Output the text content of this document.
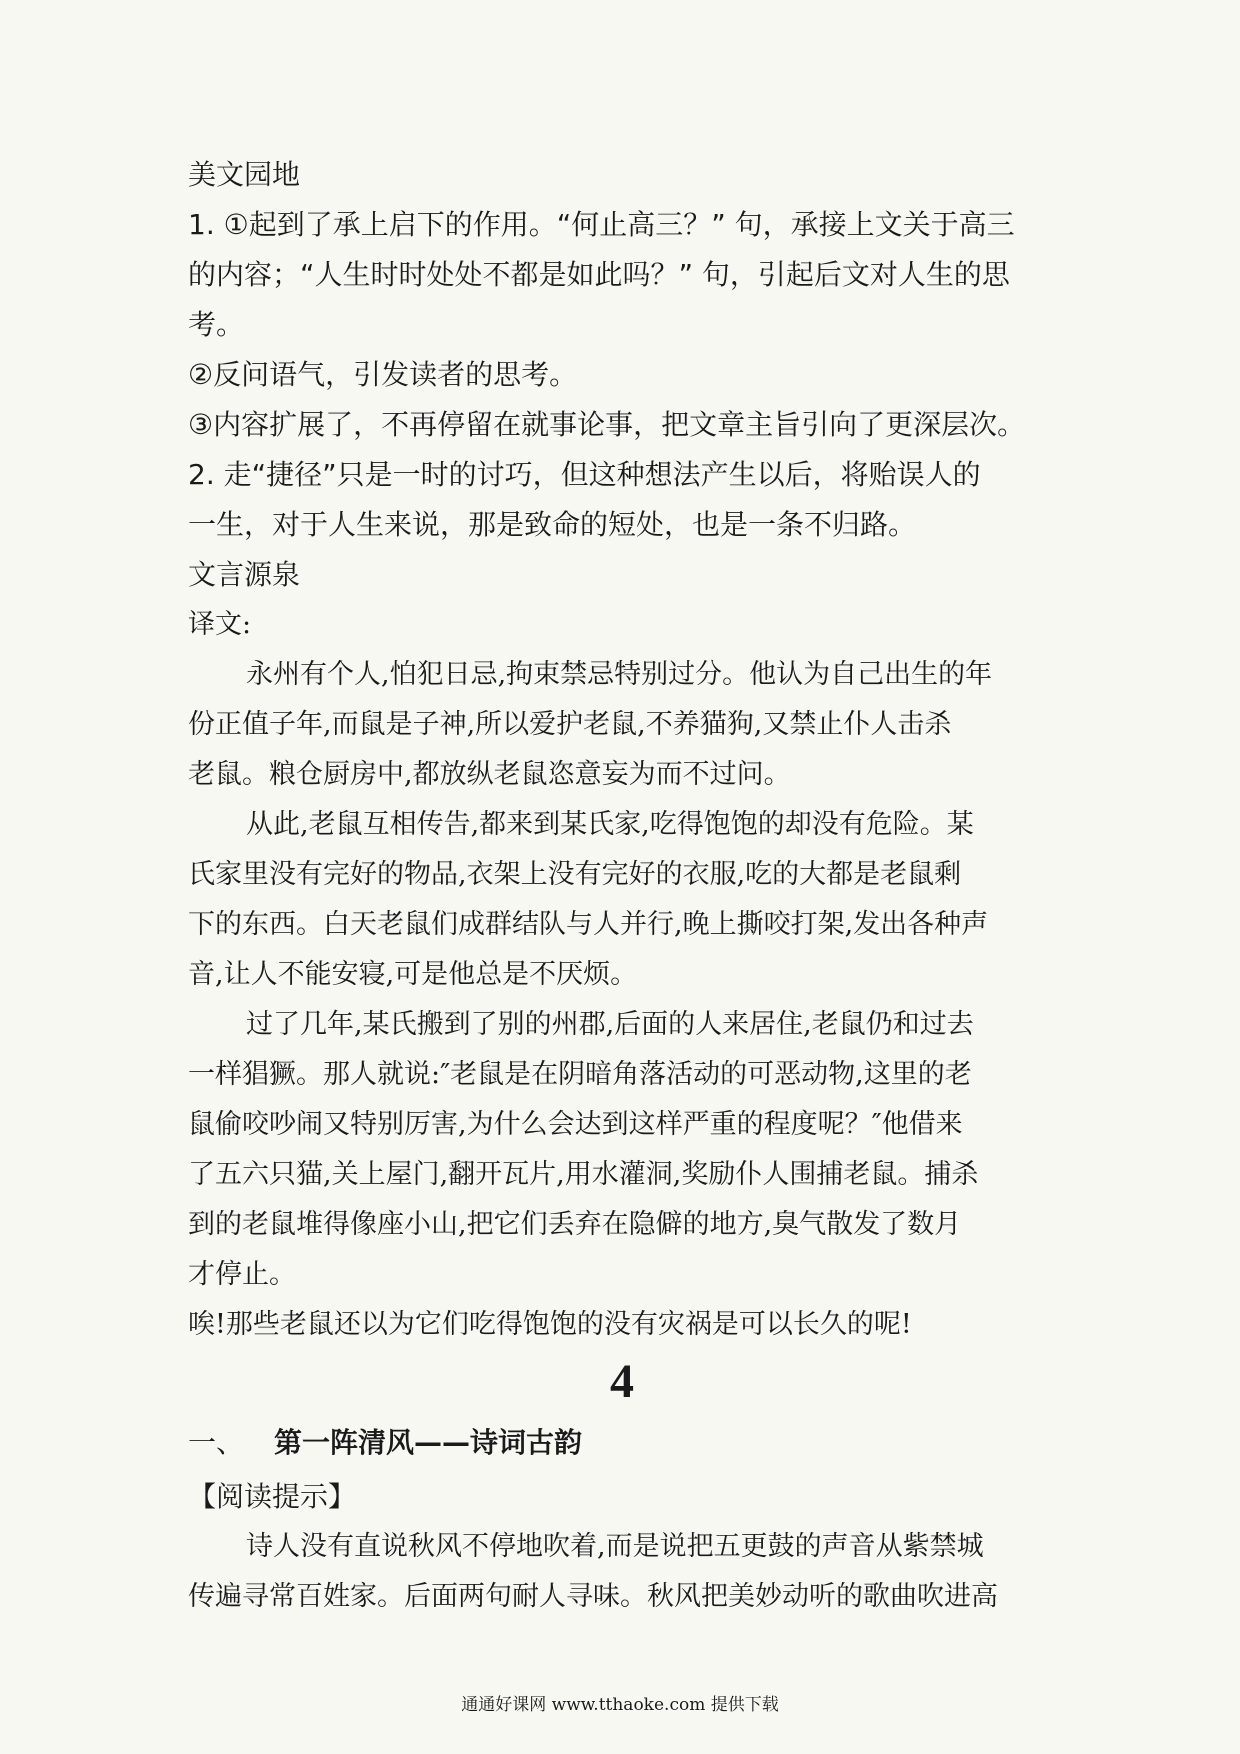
美文园地

1. ①起到了承上启下的作用。“何止高三？” 句，承接上文关于高三

的内容；“人生时时处处不都是如此吗？” 句，引起后文对人生的思

考。

②反问语气，引发读者的思考。

③内容扩展了，不再停留在就事论事，把文章主旨引向了更深层次。

2. 走“捷径”只是一时的讨巧，但这种想法产生以后，将贻误人的

一生，对于人生来说，那是致命的短处，也是一条不归路。

文言源泉

译文:

永州有个人,怕犯日忌,拘束禁忌特别过分。他认为自己出生的年

份正值子年,而鼠是子神,所以爱护老鼠,不养猫狗,又禁止仆人击杀

老鼠。粮仓厨房中,都放纵老鼠恣意妄为而不过问。

从此,老鼠互相传告,都来到某氏家,吃得饱饱的却没有危险。某

氏家里没有完好的物品,衣架上没有完好的衣服,吃的大都是老鼠剩

下的东西。白天老鼠们成群结队与人并行,晚上撕咬打架,发出各种声

音,让人不能安寝,可是他总是不厌烦。

过了几年,某氏搬到了别的州郡,后面的人来居住,老鼠仍和过去

一样猖獗。那人就说:″老鼠是在阴暗角落活动的可恶动物,这里的老

鼠偷咬吵闹又特别厉害,为什么会达到这样严重的程度呢？″他借来

了五六只猫,关上屋门,翻开瓦片,用水灌洞,奖励仆人围捕老鼠。捕杀

到的老鼠堆得像座小山,把它们丢弃在隐僻的地方,臭气散发了数月

才停止。

唉!那些老鼠还以为它们吃得饱饱的没有灾祸是可以长久的呢!

4
一、 第一阵清风——诗词古韵

【阅读提示】

诗人没有直说秋风不停地吹着,而是说把五更鼓的声音从紫禁城

传遍寻常百姓家。后面两句耐人寻味。秋风把美妙动听的歌曲吹进高

通通好课网 www.tthaoke.com 提供下载
